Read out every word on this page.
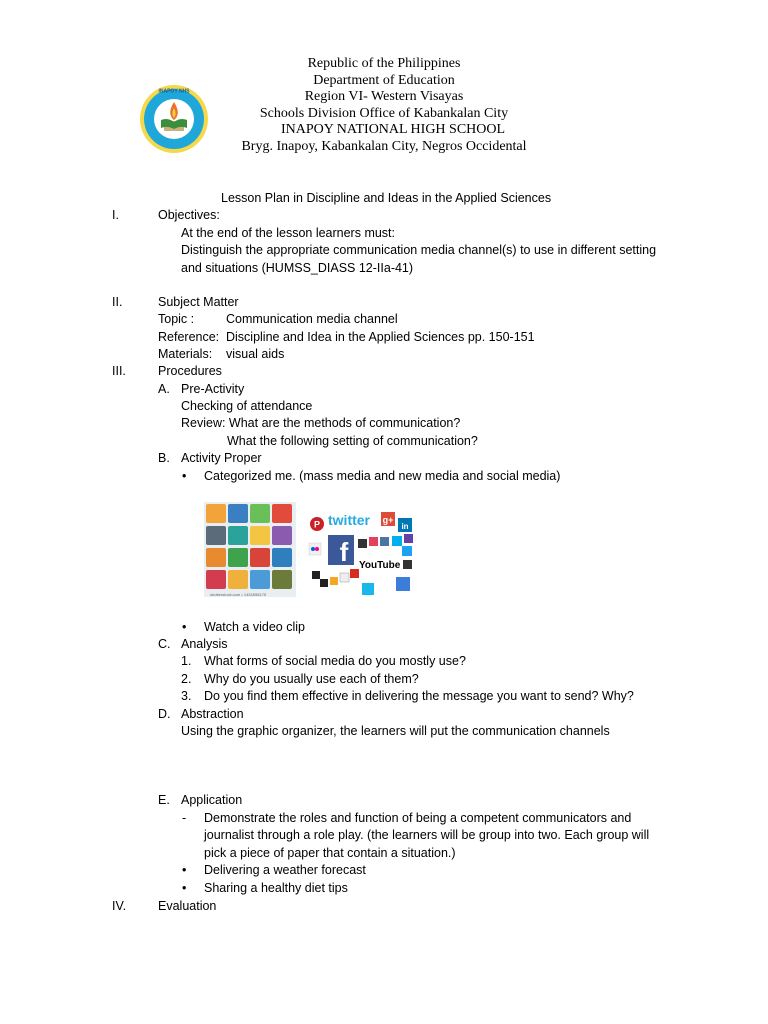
INAPOY NHS
Republic of the Philippines
Department of Education
Region VI- Western Visayas
Schools Division Office of Kabankalan City
INAPOY NATIONAL HIGH SCHOOL
Bryg. Inapoy, Kabankalan City, Negros Occidental
Lesson Plan in Discipline and Ideas in the Applied Sciences
I.	Objectives:
At the end of the lesson learners must:
Distinguish the appropriate communication media channel(s) to use in different setting
and situations (HUMSS_DIASS 12-IIa-41)
II.	Subject Matter
Topic :	Communication media channel
Reference: Discipline and Idea in the Applied Sciences pp. 150-151
Materials: visual aids
III.	Procedures
A. Pre-Activity
Checking of attendance
Review: What are the methods of communication?
What the following setting of communication?
B. Activity Proper
• Categorized me. (mass media and new media and social media)
shutterstock.com • 1434598175
P twitter g+
in
f YouTube
• Watch a video clip
C. Analysis
1. What forms of social media do you mostly use?
2. Why do you usually use each of them?
3. Do you find them effective in delivering the message you want to send? Why?
D. Abstraction
Using the graphic organizer, the learners will put the communication channels
E. Application
- Demonstrate the roles and function of being a competent communicators and
journalist through a role play. (the learners will be group into two. Each group will
pick a piece of paper that contain a situation.)
• Delivering a weather forecast
• Sharing a healthy diet tips
IV.	Evaluation
